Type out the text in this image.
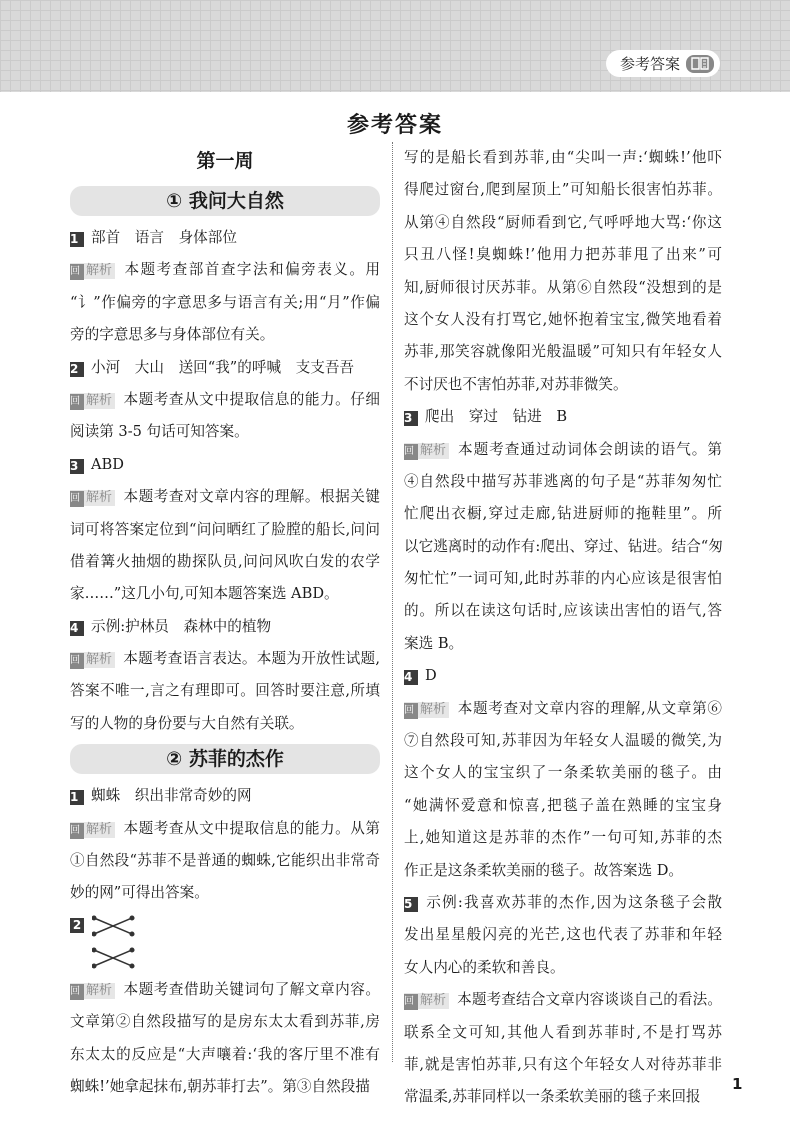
参考答案
参考答案
第一周
① 我问大自然
1 部首　语言　身体部位
回 解析 本题考查部首查字法和偏旁表义。用
“讠”作偏旁的字意思多与语言有关;用“月”作偏
旁的字意思多与身体部位有关。
2 小河　大山　送回“我”的呼喊　支支吾吾
回 解析 本题考查从文中提取信息的能力。仔细
阅读第 3-5 句话可知答案。
3 ABD
回 解析 本题考查对文章内容的理解。根据关键
词可将答案定位到“问问晒红了脸膛的船长,问问
借着篝火抽烟的勘探队员,问问风吹白发的农学
家……”这几小句,可知本题答案选 ABD。
4 示例:护林员　森林中的植物
回 解析 本题考查语言表达。本题为开放性试题,
答案不唯一,言之有理即可。回答时要注意,所填
写的人物的身份要与大自然有关联。
② 苏菲的杰作
1 蜘蛛　织出非常奇妙的网
回 解析 本题考查从文中提取信息的能力。从第
①自然段“苏菲不是普通的蜘蛛,它能织出非常奇
妙的网”可得出答案。
2
回 解析 本题考查借助关键词句了解文章内容。
文章第②自然段描写的是房东太太看到苏菲,房
东太太的反应是“大声嚷着:‘我的客厅里不准有
蜘蛛!’她拿起抹布,朝苏菲打去”。第③自然段描
写的是船长看到苏菲,由“尖叫一声:‘蜘蛛!’他吓
得爬过窗台,爬到屋顶上”可知船长很害怕苏菲。
从第④自然段“厨师看到它,气呼呼地大骂:‘你这
只丑八怪!臭蜘蛛!’他用力把苏菲甩了出来”可
知,厨师很讨厌苏菲。从第⑥自然段“没想到的是
这个女人没有打骂它,她怀抱着宝宝,微笑地看着
苏菲,那笑容就像阳光般温暖”可知只有年轻女人
不讨厌也不害怕苏菲,对苏菲微笑。
3 爬出　穿过　钻进　B
回 解析 本题考查通过动词体会朗读的语气。第
④自然段中描写苏菲逃离的句子是“苏菲匆匆忙
忙爬出衣橱,穿过走廊,钻进厨师的拖鞋里”。所
以它逃离时的动作有:爬出、穿过、钻进。结合“匆
匆忙忙”一词可知,此时苏菲的内心应该是很害怕
的。所以在读这句话时,应该读出害怕的语气,答
案选 B。
4 D
回 解析 本题考查对文章内容的理解,从文章第⑥
⑦自然段可知,苏菲因为年轻女人温暖的微笑,为
这个女人的宝宝织了一条柔软美丽的毯子。由
“她满怀爱意和惊喜,把毯子盖在熟睡的宝宝身
上,她知道这是苏菲的杰作”一句可知,苏菲的杰
作正是这条柔软美丽的毯子。故答案选 D。
5 示例:我喜欢苏菲的杰作,因为这条毯子会散
发出星星般闪亮的光芒,这也代表了苏菲和年轻
女人内心的柔软和善良。
回 解析 本题考查结合文章内容谈谈自己的看法。
联系全文可知,其他人看到苏菲时,不是打骂苏
菲,就是害怕苏菲,只有这个年轻女人对待苏菲非
常温柔,苏菲同样以一条柔软美丽的毯子来回报
1
